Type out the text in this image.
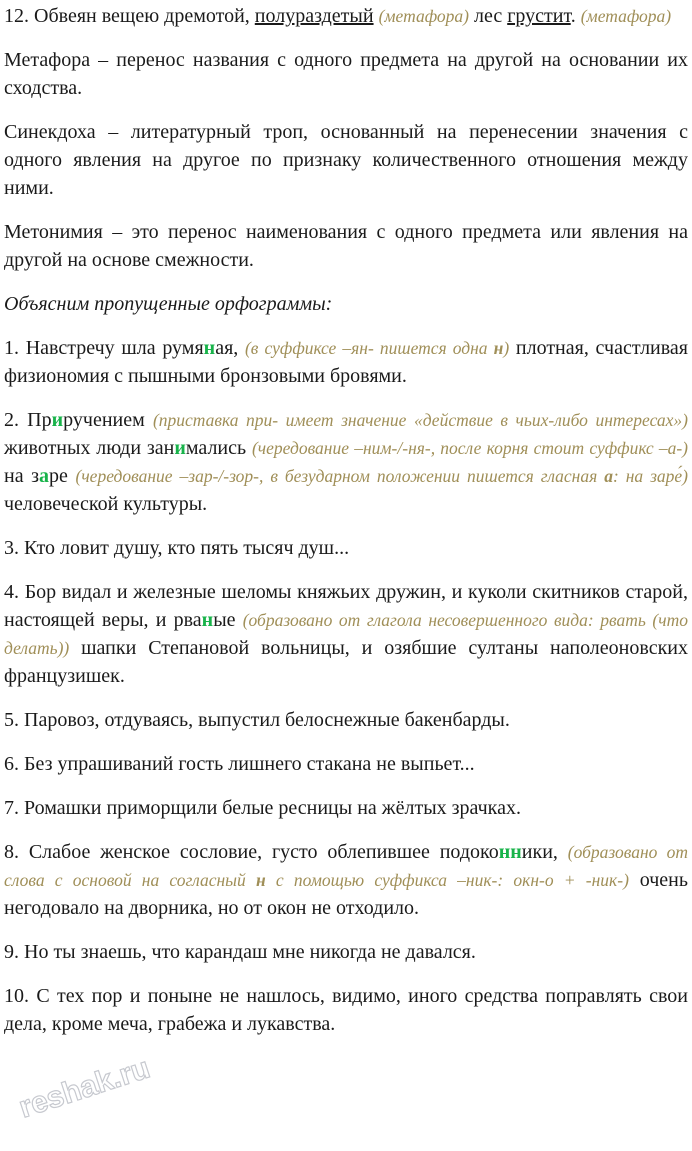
12. Обвеян вещею дремотой, полураздетый (метафора) лес грустит. (метафора)

Метафора – перенос названия с одного предмета на другой на основании их сходства.

Синекдоха – литературный троп, основанный на перенесении значения с одного явления на другое по признаку количественного отношения между ними.

Метонимия – это перенос наименования с одного предмета или явления на другой на основе смежности.

Объясним пропущенные орфограммы:

1. Навстречу шла румяная, (в суффиксе –ян- пишется одна н) плотная, счастливая физиономия с пышными бронзовыми бровями.

2. Приручением (приставка при- имеет значение «действие в чьих-либо интересах») животных люди занимались (чередование –ним-/-ня-, после корня стоит суффикс –а-) на заре (чередование –зар-/-зор-, в безударном положении пишется гласная а: на заре́) человеческой культуры.

3. Кто ловит душу, кто пять тысяч душ...

4. Бор видал и железные шеломы княжьих дружин, и куколи скитников старой, настоящей веры, и рваные (образовано от глагола несовершенного вида: рвать (что делать)) шапки Степановой вольницы, и озябшие султаны наполеоновских французишек.

5. Паровоз, отдуваясь, выпустил белоснежные бакенбарды.

6. Без упрашиваний гость лишнего стакана не выпьет...

7. Ромашки приморщили белые ресницы на жёлтых зрачках.

8. Слабое женское сословие, густо облепившее подоконники, (образовано от слова с основой на согласный н с помощью суффикса –ник-: окн-о + -ник-) очень негодовало на дворника, но от окон не отходило.

9. Но ты знаешь, что карандаш мне никогда не давался.

10. С тех пор и поныне не нашлось, видимо, иного средства поправлять свои дела, кроме меча, грабежа и лукавства.

reshak.ru
